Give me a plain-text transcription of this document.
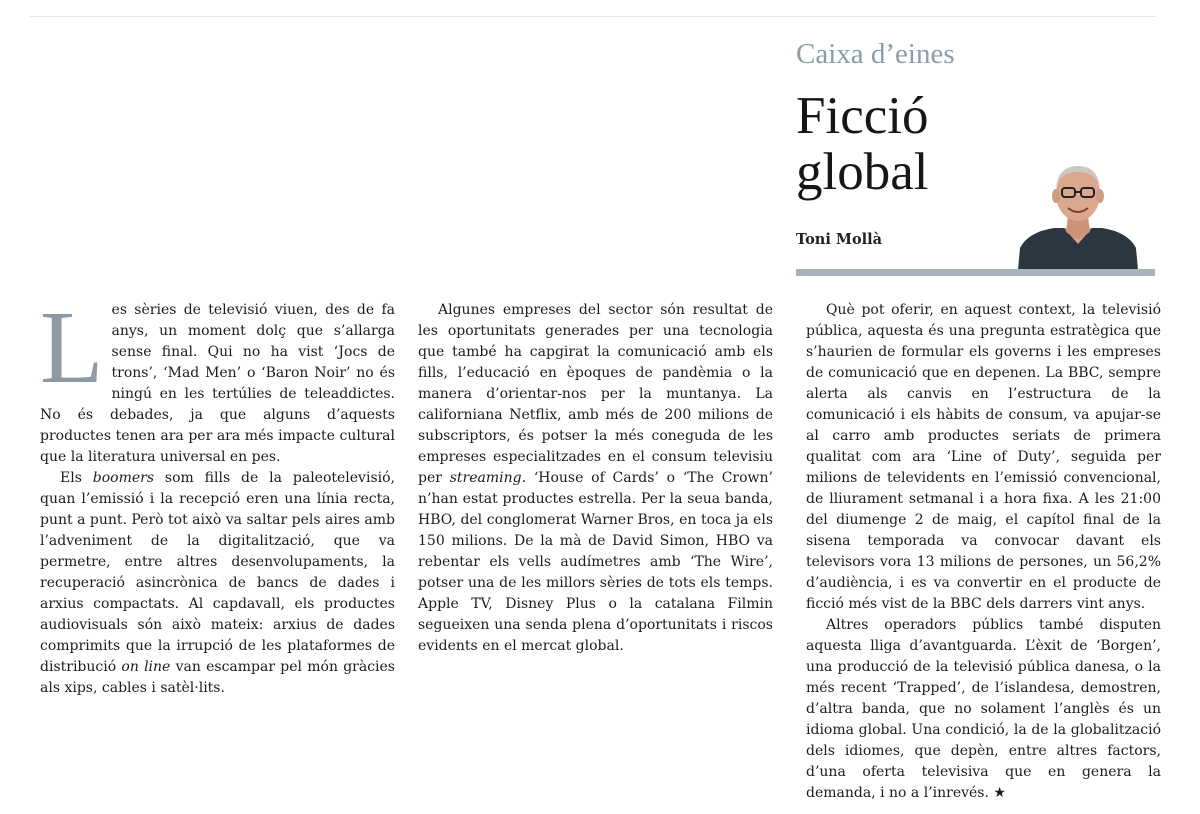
Caixa d’eines
Ficció
global
Toni Mollà

Les sèries de televisió viuen, des de fa anys, un moment dolç que s’allarga sense final. Qui no ha vist ‘Jocs de trons’, ‘Mad Men’ o ‘Baron Noir’ no és ningú en les tertúlies de teleaddictes. No és debades, ja que alguns d’aquests productes tenen ara per ara més impacte cultural que la literatura universal en pes.

Els boomers som fills de la paleotelevisió, quan l’emissió i la recepció eren una línia recta, punt a punt. Però tot això va saltar pels aires amb l’adveniment de la digitalització, que va permetre, entre altres desenvolupaments, la recuperació asincrònica de bancs de dades i arxius compactats. Al capdavall, els productes audiovisuals són això mateix: arxius de dades comprimits que la irrupció de les plataformes de distribució on line van escampar pel món gràcies als xips, cables i satèl·lits.

Algunes empreses del sector són resultat de les oportunitats generades per una tecnologia que també ha capgirat la comunicació amb els fills, l’educació en èpoques de pandèmia o la manera d’orientar-nos per la muntanya. La californiana Netflix, amb més de 200 milions de subscriptors, és potser la més coneguda de les empreses especialitzades en el consum televisiu per streaming. ‘House of Cards’ o ‘The Crown’ n’han estat productes estrella. Per la seua banda, HBO, del conglomerat Warner Bros, en toca ja els 150 milions. De la mà de David Simon, HBO va rebentar els vells audímetres amb ‘The Wire’, potser una de les millors sèries de tots els temps. Apple TV, Disney Plus o la catalana Filmin segueixen una senda plena d’oportunitats i riscos evidents en el mercat global.

Què pot oferir, en aquest context, la televisió pública, aquesta és una pregunta estratègica que s’haurien de formular els governs i les empreses de comunicació que en depenen. La BBC, sempre alerta als canvis en l’estructura de la comunicació i els hàbits de consum, va apujar-se al carro amb productes seriats de primera qualitat com ara ‘Line of Duty’, seguida per milions de televidents en l’emissió convencional, de lliurament setmanal i a hora fixa. A les 21:00 del diumenge 2 de maig, el capítol final de la sisena temporada va convocar davant els televisors vora 13 milions de persones, un 56,2% d’audiència, i es va convertir en el producte de ficció més vist de la BBC dels darrers vint anys.

Altres operadors públics també disputen aquesta lliga d’avantguarda. L’èxit de ‘Borgen’, una producció de la televisió pública danesa, o la més recent ‘Trapped’, de l’islandesa, demostren, d’altra banda, que no solament l’anglès és un idioma global. Una condició, la de la globalització dels idiomes, que depèn, entre altres factors, d’una oferta televisiva que en genera la demanda, i no a l’inrevés. ★
